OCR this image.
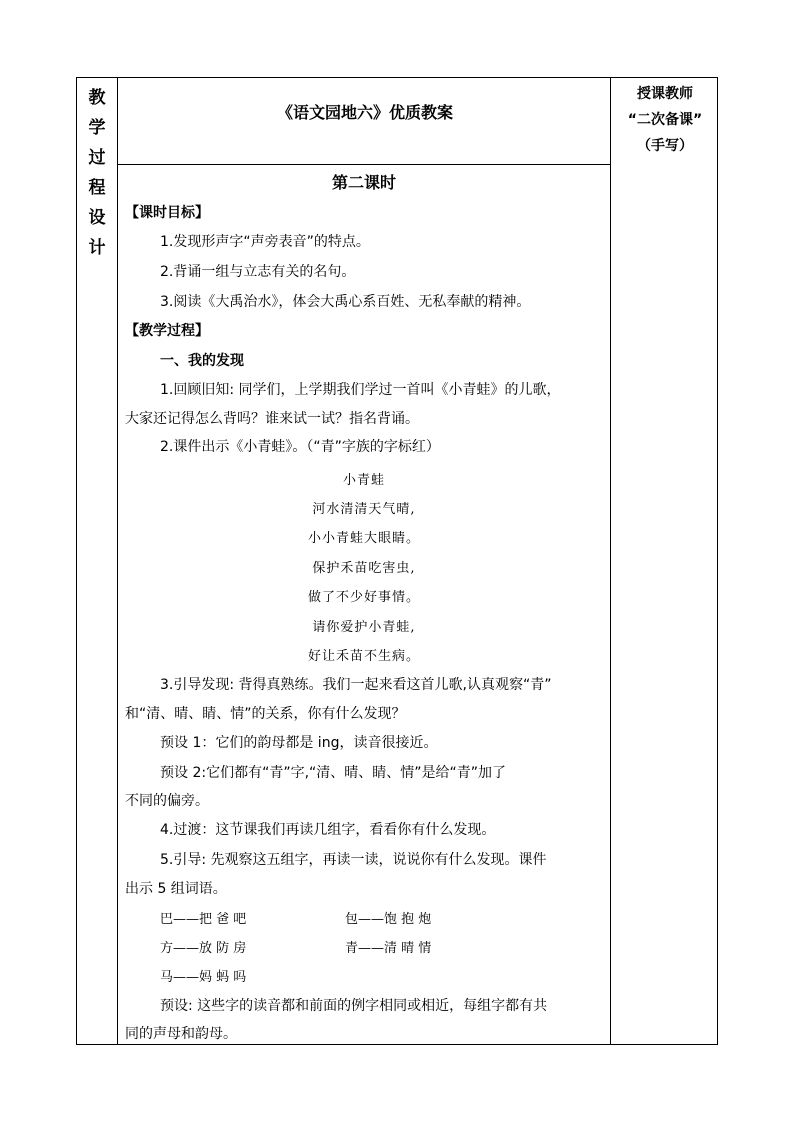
教
学
过
程
设
计
《语文园地六》优质教案
授课教师
“二次备课”
（手写）
第二课时
【课时目标】
1.发现形声字“声旁表音”的特点。
2.背诵一组与立志有关的名句。
3.阅读《大禹治水》，体会大禹心系百姓、无私奉献的精神。
【教学过程】
一、我的发现
1.回顾旧知: 同学们，上学期我们学过一首叫《小青蛙》的儿歌，
大家还记得怎么背吗？谁来试一试？指名背诵。
2.课件出示《小青蛙》。（“青”字族的字标红）
小青蛙
河水清清天气晴,
小小青蛙大眼睛。
保护禾苗吃害虫,
做了不少好事情。
请你爱护小青蛙,
好让禾苗不生病。
3.引导发现: 背得真熟练。我们一起来看这首儿歌,认真观察“青”
和“清、晴、睛、情”的关系，你有什么发现？
预设 1：它们的韵母都是 ing，读音很接近。
预设 2:它们都有“青”字,“清、晴、睛、情”是给“青”加了
不同的偏旁。
4.过渡：这节课我们再读几组字，看看你有什么发现。
5.引导: 先观察这五组字，再读一读，说说你有什么发现。课件
出示 5 组词语。
巴——把 爸 吧	包——饱 抱 炮
方——放 防 房	青——清 晴 情
马——妈 蚂 吗
预设: 这些字的读音都和前面的例字相同或相近，每组字都有共
同的声母和韵母。
